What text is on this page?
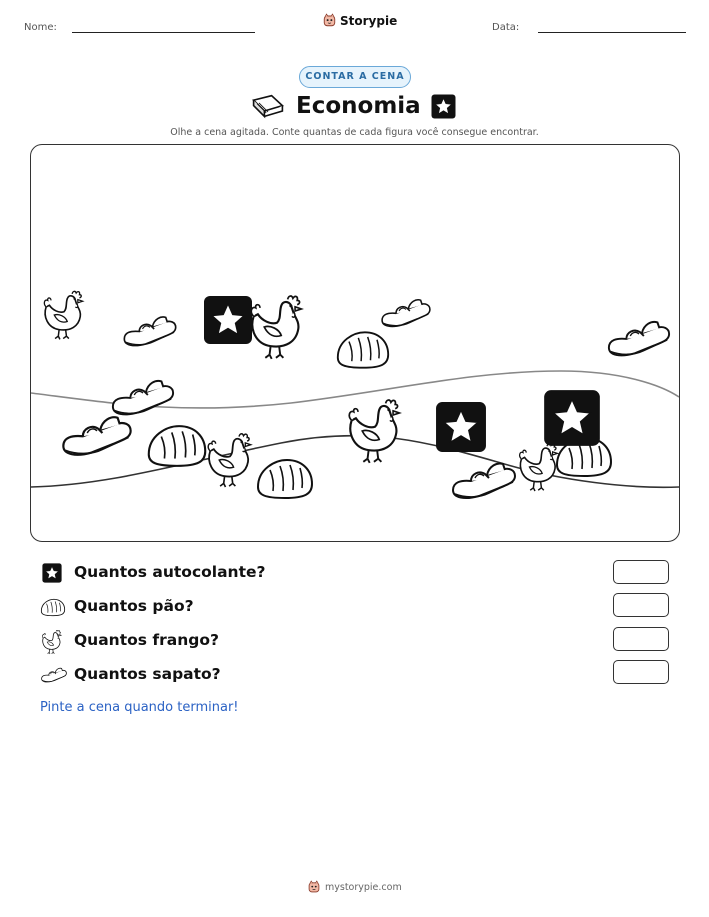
Nome:	Storypie	Data:
CONTAR A CENA
Economia
Olhe a cena agitada. Conte quantas de cada figura você consegue encontrar.
Quantos autocolante?
Quantos pão?
Quantos frango?
Quantos sapato?
Pinte a cena quando terminar!
mystorypie.com
